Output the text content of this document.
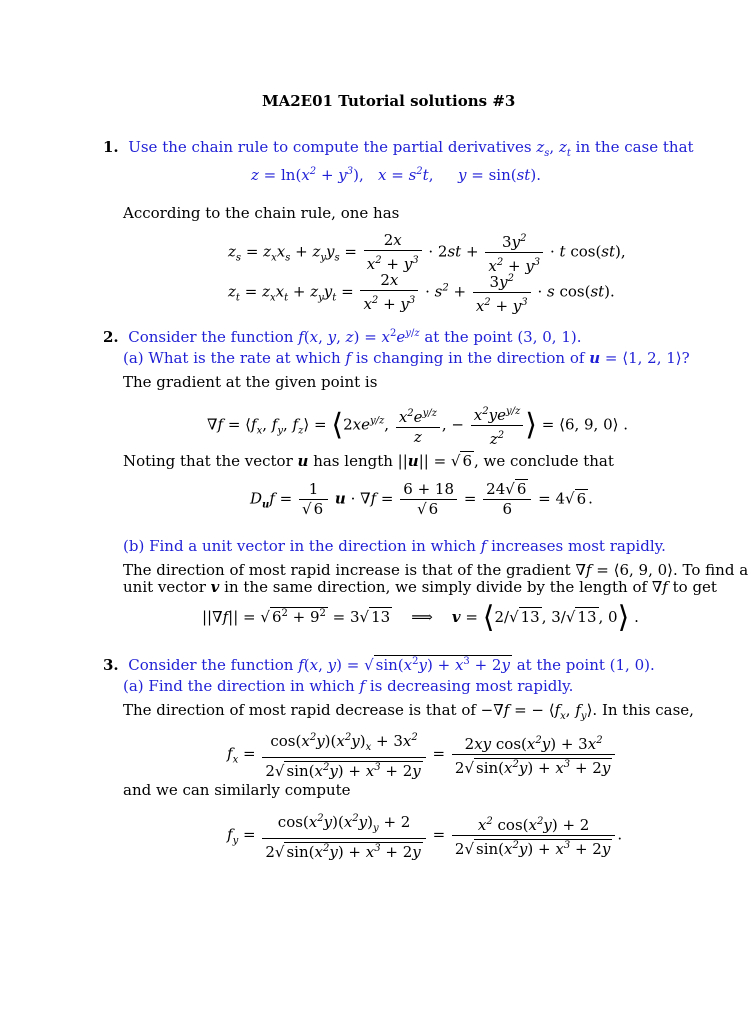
MA2E01 Tutorial solutions #3
1.  Use the chain rule to compute the partial derivatives $z_s$, $z_t$ in the case that
$z = \ln(x^2 + y^3)$, $x = s^2t$, y = sin(st).
According to the chain rule, one has
$z_s = z_xx_s + z_yy_s = \frac{2x}{x^2 + y^3} \cdot 2st + \frac{3y^2}{x^2 + y^3} \cdot t$ cos(st),
$z_t = z_xx_t + z_yy_t = \frac{2x}{x^2 + y^3} \cdot s^2 + \frac{3y^2}{x^2 + y^3} \cdot s$ cos(st).
2.  Consider the function f(x, y, $z) = x^2e^{y/z}$ at the point (3, 0, 1).
(a) What is the rate at which f is changing in the direction of u = ⟨1, 2, 1⟩?
The gradient at the given point is
$\nabla f = ⟨f_x$, $f_y$, $f_z⟩$ = $⟨2xe^{y/z}$, $\frac{x^2e^{y/z}}{z}$ , − $\frac{x^2ye^{y/z}}{z^2}$ ⟩ = ⟨6, 9, 0⟩ .
Noting that the vector u has length ||u|| = √ 6 , we conclude that
$D_uf = \frac{1}{√ 6}$ $u \cdot \nabla f = \frac{6 + 18}{√ 6} = \frac{24√ 6}{6} = 4√$ 6 .
(b) Find a unit vector in the direction in which f increases most rapidly.
The direction of most rapid increase is that of the gradient ∇f = ⟨6, 9, 0⟩. To find a
unit vector v in the same direction, we simply divide by the length of ∇f to get
||∇f|| = √ $6^2 + 9^2 = 3√$ 13    ⟹    v = ⟨2/√ 13 , 3/√ 13 , 0⟩ .
3.  Consider the function f(x, y) = √ $\sin(x^2y) + x^3 + 2y$ at the point (1, 0).
(a) Find the direction in which f is decreasing most rapidly.
The direction of most rapid decrease is that of −∇f = − $⟨f_x$, $f_y⟩$. In this case,
$f_x = \frac{\cos(x^2y)(x^2y)_x + 3x^2}{2√ \sin(x^2y) + x^3 + 2y} = \frac{2xy \cos(x^2y) + 3x^2}{2√ \sin(x^2y) + x^3 + 2y}$
and we can similarly compute
$f_y = \frac{\cos(x^2y)(x^2y)_y + 2}{2√ \sin(x^2y) + x^3 + 2y} = \frac{x^2 \cos(x^2y) + 2}{2√ \sin(x^2y) + x^3 + 2y}$ .
